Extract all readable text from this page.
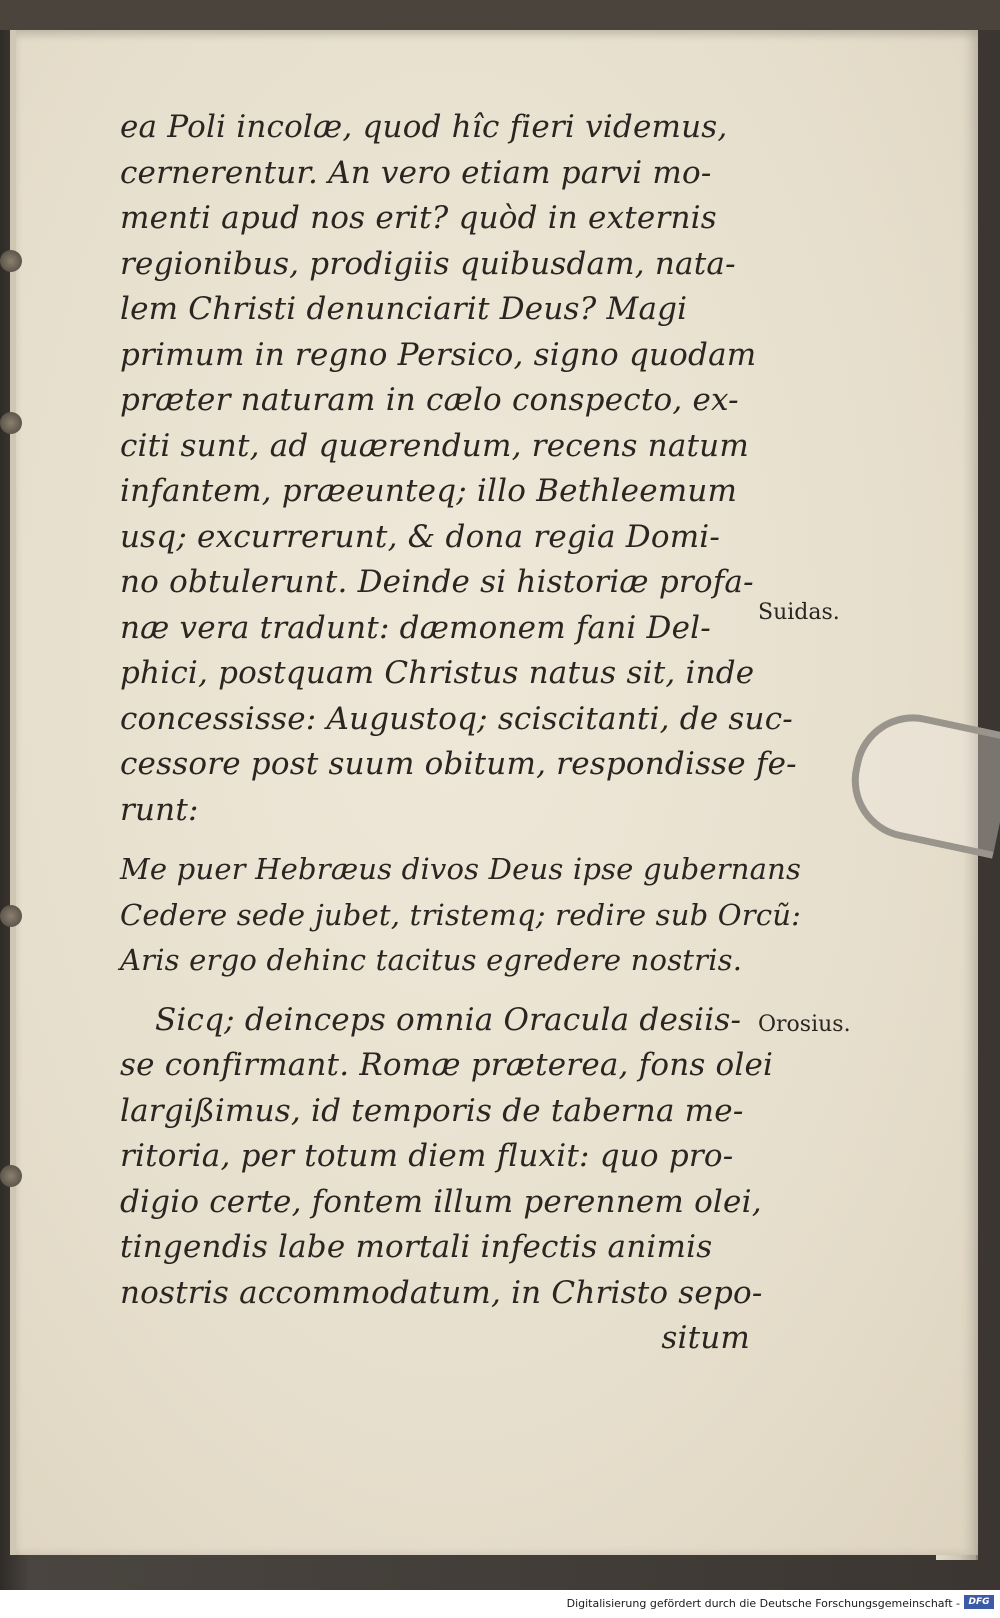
ea Poli incolæ, quod hîc fieri videmus,
cernerentur. An vero etiam parvi mo-
menti apud nos erit? quòd in externis
regionibus, prodigiis quibusdam, nata-
lem Christi denunciarit Deus? Magi
primum in regno Persico, signo quodam
præter naturam in cælo conspecto, ex-
citi sunt, ad quærendum, recens natum
infantem, præeunteq; illo Bethleemum
usq; excurrerunt, & dona regia Domi-
no obtulerunt. Deinde si historiæ profa-
næ vera tradunt: dæmonem fani Del-
phici, postquam Christus natus sit, inde
concessisse: Augustoq; sciscitanti, de suc-
cessore post suum obitum, respondisse fe-
runt:
Me puer Hebræus divos Deus ipse gubernans
Cedere sede jubet, tristemq; redire sub Orcũ:
Aris ergo dehinc tacitus egredere nostris.
Sicq; deinceps omnia Oracula desiis-
se confirmant. Romæ præterea, fons olei
largißimus, id temporis de taberna me-
ritoria, per totum diem fluxit: quo pro-
digio certe, fontem illum perennem olei,
tingendis labe mortali infectis animis
nostris accommodatum, in Christo sepo-
situm
Suidas.
Orosius.
Digitalisierung gefördert durch die Deutsche Forschungsgemeinschaft - DFG
